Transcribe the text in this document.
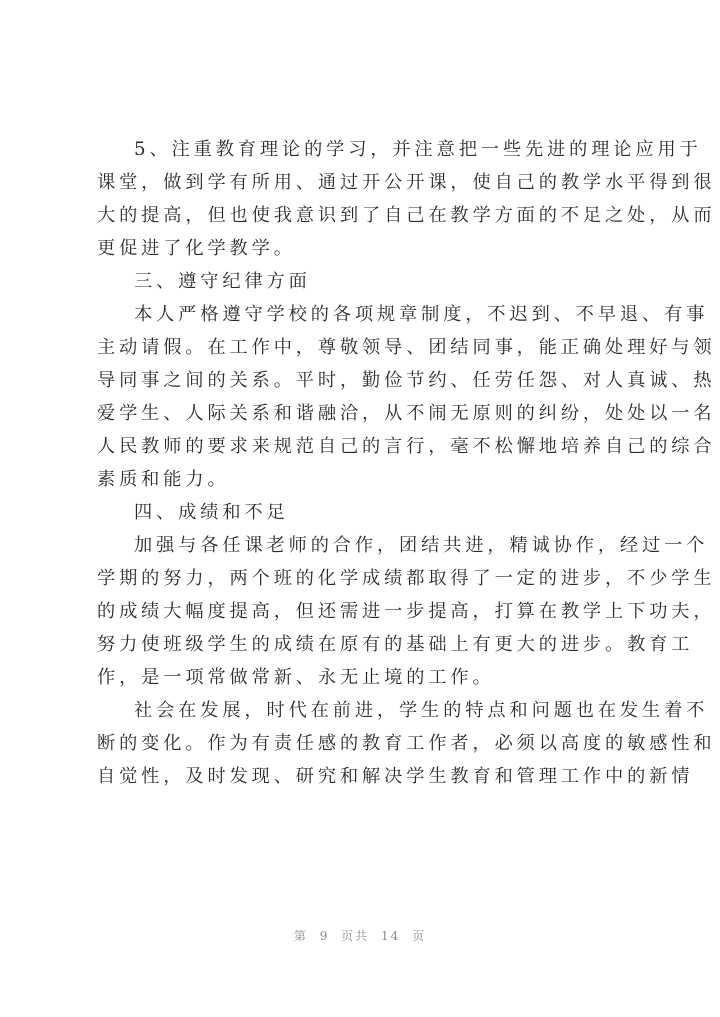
5、注重教育理论的学习，并注意把一些先进的理论应用于
课堂，做到学有所用、通过开公开课，使自己的教学水平得到很
大的提高，但也使我意识到了自己在教学方面的不足之处，从而
更促进了化学教学。
三、遵守纪律方面
本人严格遵守学校的各项规章制度，不迟到、不早退、有事
主动请假。在工作中，尊敬领导、团结同事，能正确处理好与领
导同事之间的关系。平时，勤俭节约、任劳任怨、对人真诚、热
爱学生、人际关系和谐融洽，从不闹无原则的纠纷，处处以一名
人民教师的要求来规范自己的言行，毫不松懈地培养自己的综合
素质和能力。
四、成绩和不足
加强与各任课老师的合作，团结共进，精诚协作，经过一个
学期的努力，两个班的化学成绩都取得了一定的进步，不少学生
的成绩大幅度提高，但还需进一步提高，打算在教学上下功夫，
努力使班级学生的成绩在原有的基础上有更大的进步。教育工
作，是一项常做常新、永无止境的工作。
社会在发展，时代在前进，学生的特点和问题也在发生着不
断的变化。作为有责任感的教育工作者，必须以高度的敏感性和
自觉性，及时发现、研究和解决学生教育和管理工作中的新情
第 9 页共 14 页
